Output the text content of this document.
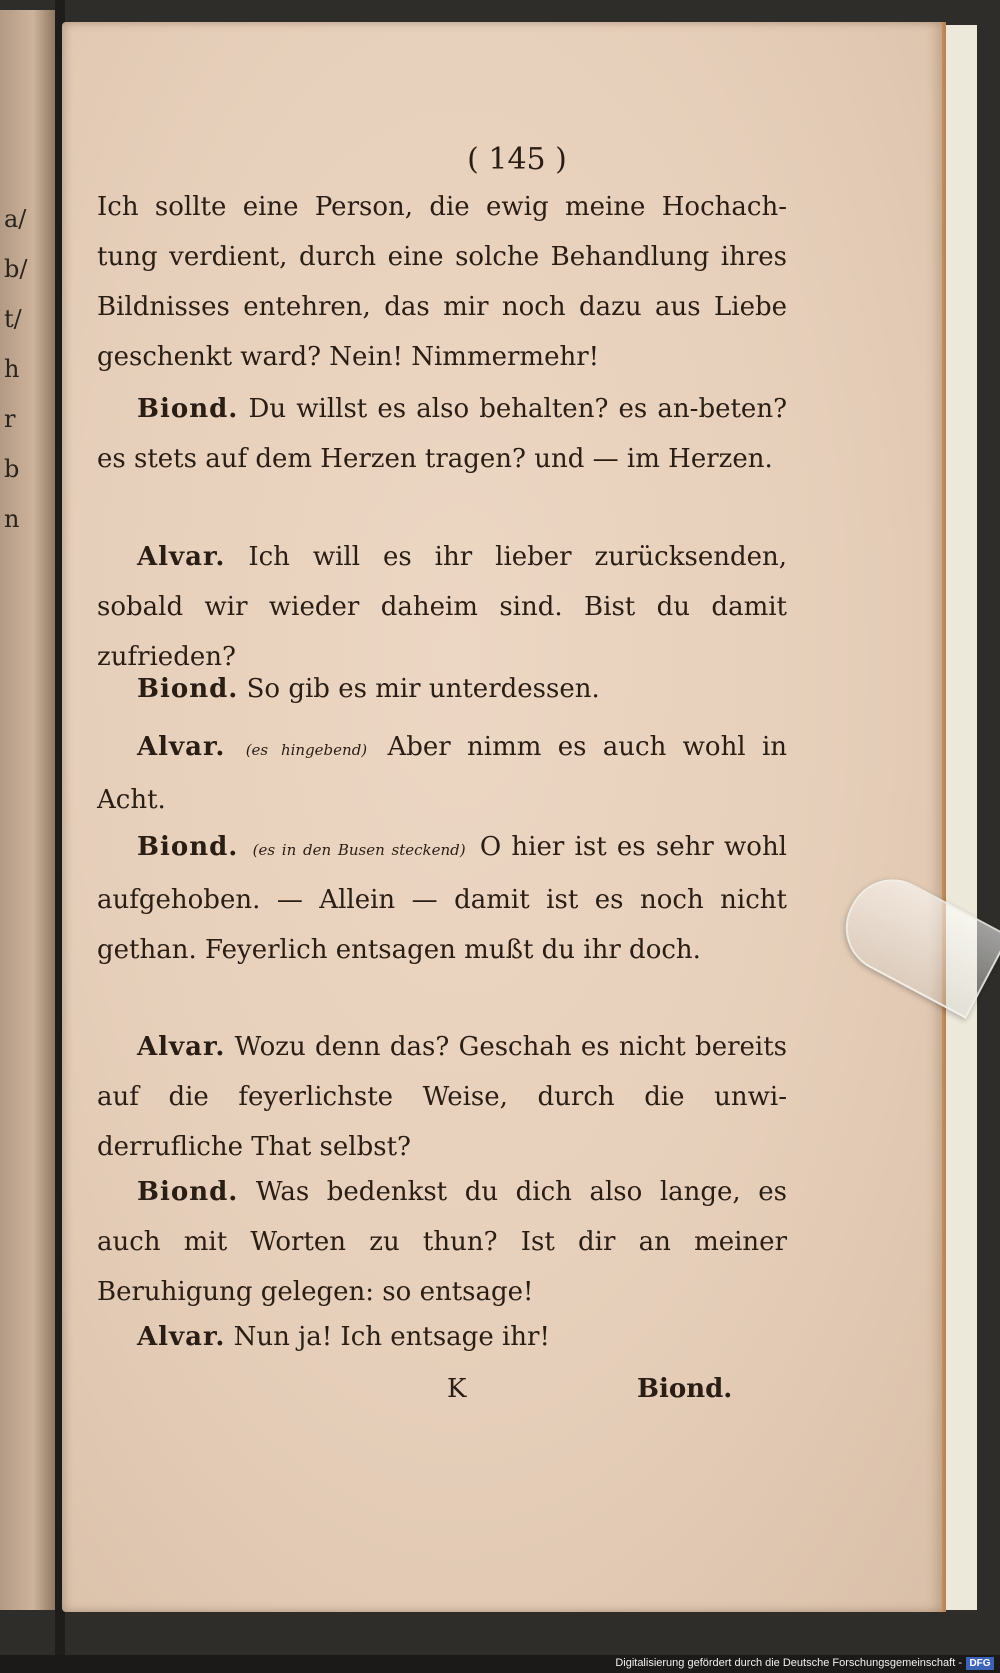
a/
b/
t/
h
r
b
n
( 145 )
Ich sollte eine Person, die ewig meine Hochach-tung verdient, durch eine solche Behandlung ihres Bildnisses entehren, das mir noch dazu aus Liebe geschenkt ward? Nein! Nimmermehr!
Biond. Du willst es also behalten? es an-beten? es stets auf dem Herzen tragen? und — im Herzen.
Alvar. Ich will es ihr lieber zurücksenden, sobald wir wieder daheim sind. Bist du damit zufrieden?
Biond. So gib es mir unterdessen.
Alvar. (es hingebend) Aber nimm es auch wohl in Acht.
Biond. (es in den Busen steckend) O hier ist es sehr wohl aufgehoben. — Allein — damit ist es noch nicht gethan. Feyerlich entsagen mußt du ihr doch.
Alvar. Wozu denn das? Geschah es nicht bereits auf die feyerlichste Weise, durch die unwi-derrufliche That selbst?
Biond. Was bedenkst du dich also lange, es auch mit Worten zu thun? Ist dir an meiner Beruhigung gelegen: so entsage!
Alvar. Nun ja! Ich entsage ihr!
K	Biond.
Digitalisierung gefördert durch die Deutsche Forschungsgemeinschaft - DFG
